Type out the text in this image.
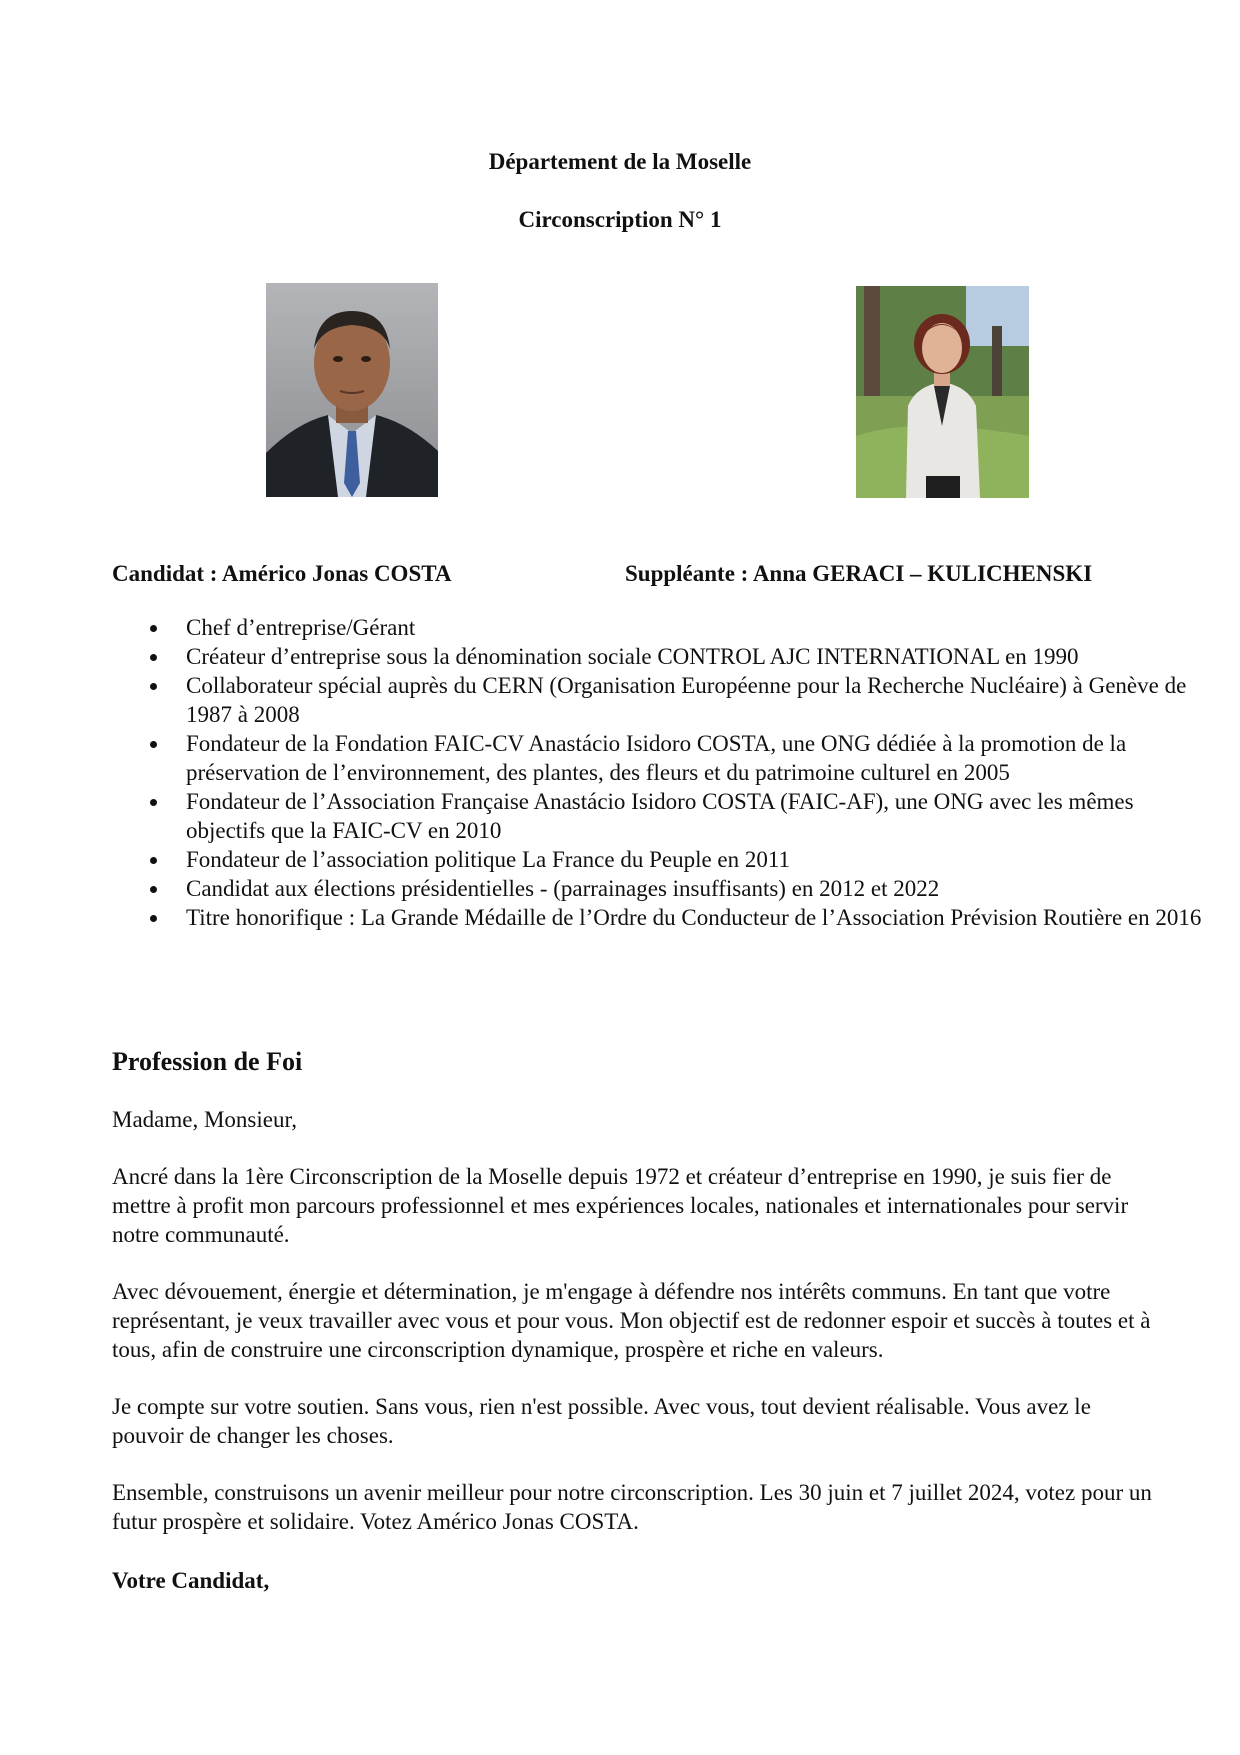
Département de la Moselle
Circonscription N° 1
Candidat : Américo Jonas COSTA	Suppléante : Anna GERACI – KULICHENSKI
Chef d’entreprise/Gérant
Créateur d’entreprise sous la dénomination sociale CONTROL AJC INTERNATIONAL en 1990
Collaborateur spécial auprès du CERN (Organisation Européenne pour la Recherche Nucléaire) à Genève de 1987 à 2008
Fondateur de la Fondation FAIC-CV Anastácio Isidoro COSTA, une ONG dédiée à la promotion de la préservation de l’environnement, des plantes, des fleurs et du patrimoine culturel en 2005
Fondateur de l’Association Française Anastácio Isidoro COSTA (FAIC-AF), une ONG avec les mêmes objectifs que la FAIC-CV en 2010
Fondateur de l’association politique La France du Peuple en 2011
Candidat aux élections présidentielles - (parrainages insuffisants) en 2012 et 2022
Titre honorifique : La Grande Médaille de l’Ordre du Conducteur de l’Association Prévision Routière en 2016
Profession de Foi

Madame, Monsieur,

Ancré dans la 1ère Circonscription de la Moselle depuis 1972 et créateur d’entreprise en 1990, je suis fier de mettre à profit mon parcours professionnel et mes expériences locales, nationales et internationales pour servir notre communauté.

Avec dévouement, énergie et détermination, je m'engage à défendre nos intérêts communs. En tant que votre représentant, je veux travailler avec vous et pour vous. Mon objectif est de redonner espoir et succès à toutes et à tous, afin de construire une circonscription dynamique, prospère et riche en valeurs.

Je compte sur votre soutien. Sans vous, rien n'est possible. Avec vous, tout devient réalisable. Vous avez le pouvoir de changer les choses.

Ensemble, construisons un avenir meilleur pour notre circonscription. Les 30 juin et 7 juillet 2024, votez pour un futur prospère et solidaire. Votez Américo Jonas COSTA.

Votre Candidat,
